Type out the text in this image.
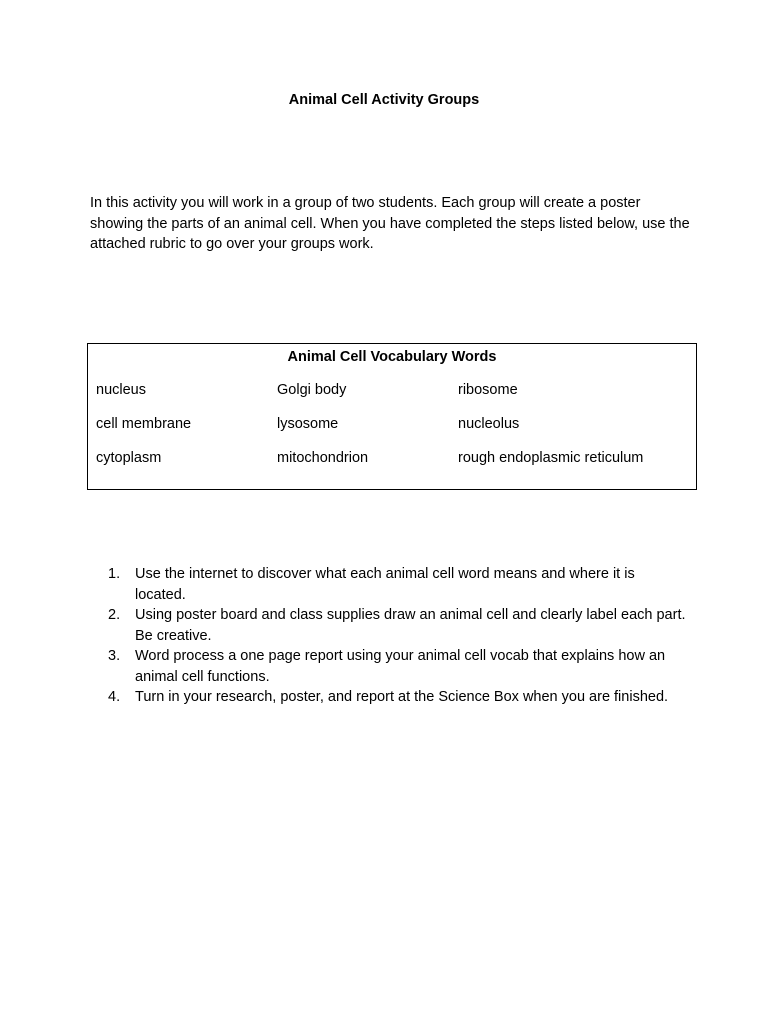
Animal Cell Activity Groups

In this activity you will work in a group of two students. Each group will create a poster showing the parts of an animal cell. When you have completed the steps listed below, use the attached rubric to go over your groups work.

Animal Cell Vocabulary Words
nucleus	Golgi body	ribosome
cell membrane	lysosome	nucleolus
cytoplasm	mitochondrion	rough endoplasmic reticulum
1. Use the internet to discover what each animal cell word means and where it is located.
2. Using poster board and class supplies draw an animal cell and clearly label each part. Be creative.
3. Word process a one page report using your animal cell vocab that explains how an animal cell functions.
4. Turn in your research, poster, and report at the Science Box when you are finished.
